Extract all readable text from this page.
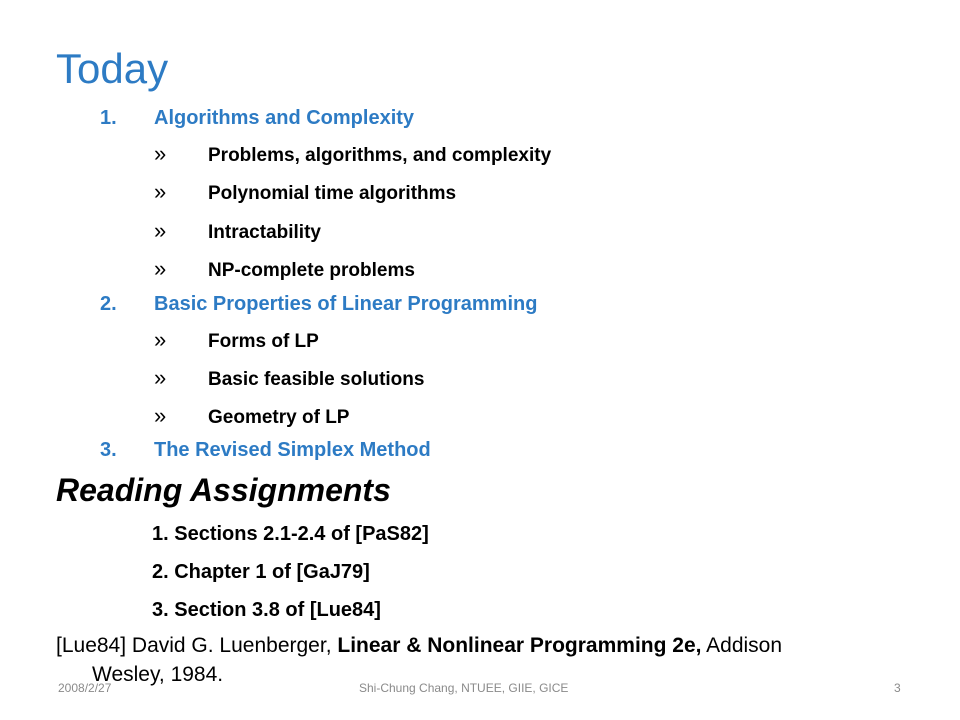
Today
1. Algorithms and Complexity
» Problems, algorithms, and complexity
» Polynomial time algorithms
» Intractability
» NP-complete problems
2. Basic Properties of Linear Programming
» Forms of LP
» Basic feasible solutions
» Geometry of LP
3. The Revised Simplex Method
Reading Assignments
1. Sections 2.1-2.4 of [PaS82]
2. Chapter 1 of [GaJ79]
3. Section 3.8 of [Lue84]
[Lue84] David G. Luenberger, Linear & Nonlinear Programming 2e, Addison
Wesley, 1984.
2008/2/27	Shi-Chung Chang, NTUEE, GIIE, GICE	3
